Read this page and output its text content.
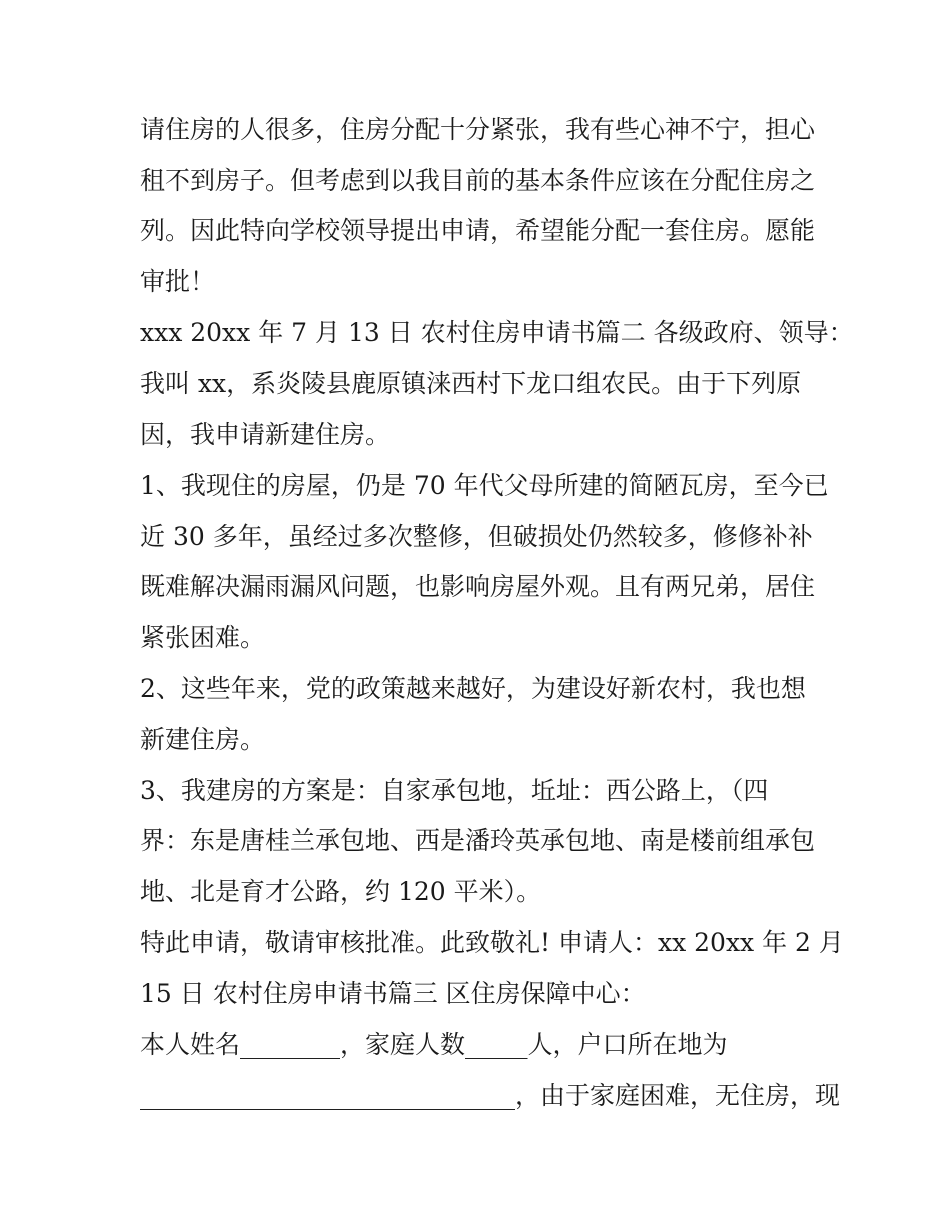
请住房的人很多，住房分配十分紧张，我有些心神不宁，担心
租不到房子。但考虑到以我目前的基本条件应该在分配住房之
列。因此特向学校领导提出申请，希望能分配一套住房。愿能
审批！
xxx 20xx 年 7 月 13 日 农村住房申请书篇二 各级政府、领导：
我叫 xx，系炎陵县鹿原镇涞西村下龙口组农民。由于下列原
因，我申请新建住房。
1、我现住的房屋，仍是 70 年代父母所建的简陋瓦房，至今已
近 30 多年，虽经过多次整修，但破损处仍然较多，修修补补
既难解决漏雨漏风问题，也影响房屋外观。且有两兄弟，居住
紧张困难。
2、这些年来，党的政策越来越好，为建设好新农村，我也想
新建住房。
3、我建房的方案是：自家承包地，坵址：西公路上，（四
界：东是唐桂兰承包地、西是潘玲英承包地、南是楼前组承包
地、北是育才公路，约 120 平米）。
特此申请，敬请审核批准。此致敬礼! 申请人：xx 20xx 年 2 月
15 日 农村住房申请书篇三 区住房保障中心：
本人姓名________，家庭人数_____人，户口所在地为
______________________________，由于家庭困难，无住房，现
